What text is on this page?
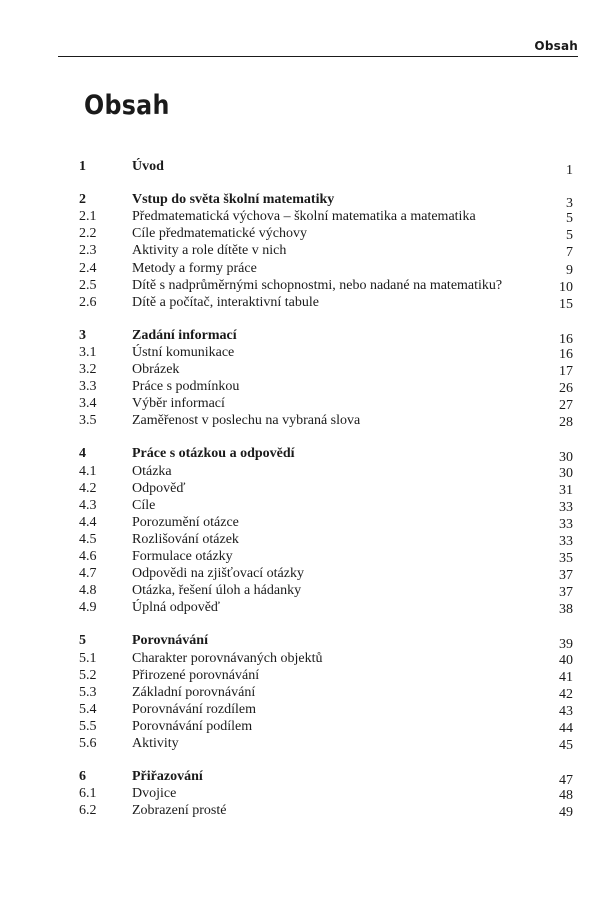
Obsah
Obsah
1	Úvod	1
2	Vstup do světa školní matematiky	3
2.1	Předmatematická výchova – školní matematika a matematika	5
2.2	Cíle předmatematické výchovy	5
2.3	Aktivity a role dítěte v nich	7
2.4	Metody a formy práce	9
2.5	Dítě s nadprůměrnými schopnostmi, nebo nadané na matematiku?	10
2.6	Dítě a počítač, interaktivní tabule	15
3	Zadání informací	16
3.1	Ústní komunikace	16
3.2	Obrázek	17
3.3	Práce s podmínkou	26
3.4	Výběr informací	27
3.5	Zaměřenost v poslechu na vybraná slova	28
4	Práce s otázkou a odpovědí	30
4.1	Otázka	30
4.2	Odpověď	31
4.3	Cíle	33
4.4	Porozumění otázce	33
4.5	Rozlišování otázek	33
4.6	Formulace otázky	35
4.7	Odpovědi na zjišťovací otázky	37
4.8	Otázka, řešení úloh a hádanky	37
4.9	Úplná odpověď	38
5	Porovnávání	39
5.1	Charakter porovnávaných objektů	40
5.2	Přirozené porovnávání	41
5.3	Základní porovnávání	42
5.4	Porovnávání rozdílem	43
5.5	Porovnávání podílem	44
5.6	Aktivity	45
6	Přiřazování	47
6.1	Dvojice	48
6.2	Zobrazení prosté	49
